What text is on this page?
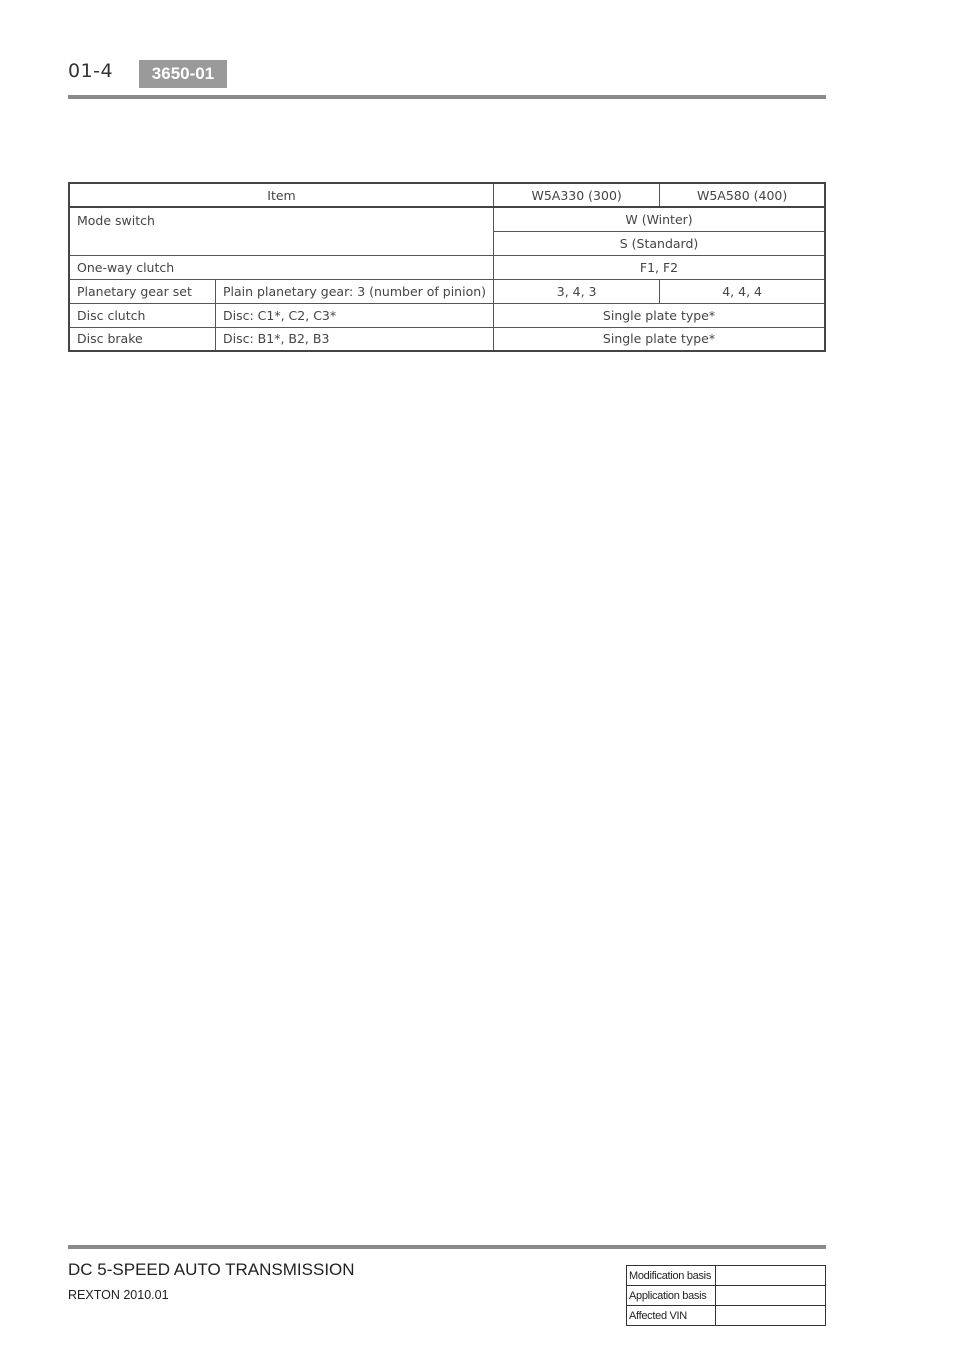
01-4	3650-01
Item		W5A330 (300)	W5A580 (400)
Mode switch		W (Winter)	
		S (Standard)	
One-way clutch		F1, F2	
Planetary gear set	Plain planetary gear: 3 (number of pinion)	3, 4, 3	4, 4, 4
Disc clutch	Disc: C1*, C2, C3*	Single plate type*	
Disc brake	Disc: B1*, B2, B3	Single plate type*	
DC 5-SPEED AUTO TRANSMISSION
REXTON 2010.01
Modification basis	
Application basis	
Affected VIN	
